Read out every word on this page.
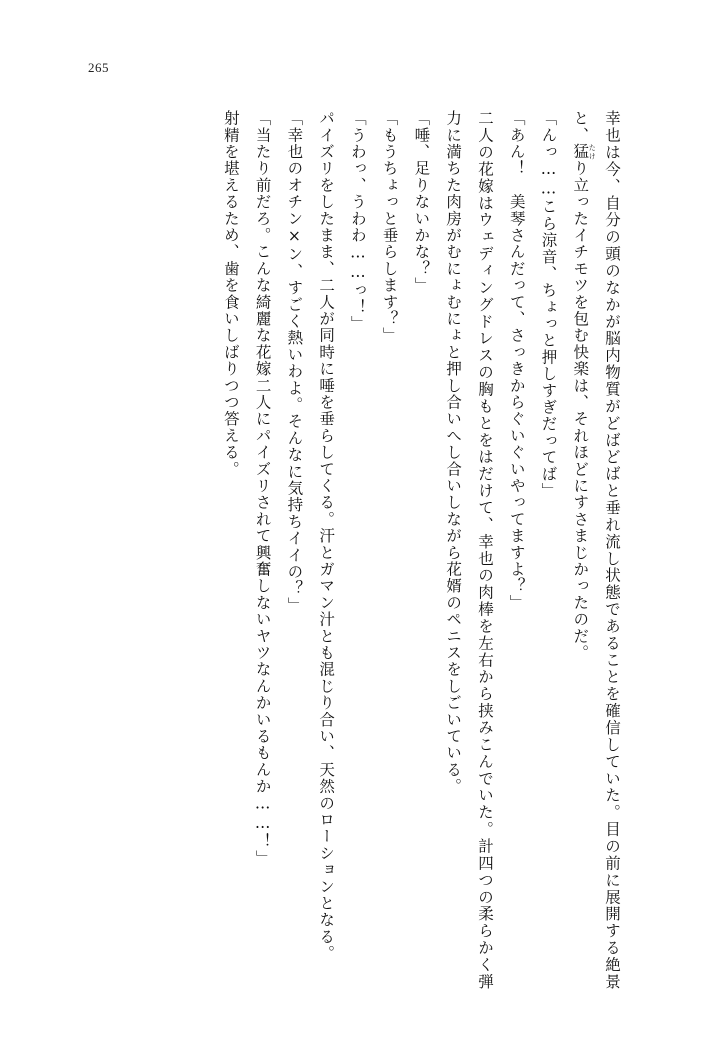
265
幸也は今、自分の頭のなかが脳内物質がどばどばと垂れ流し状態であることを確信していた。目の前に展開する絶景と、猛 たけり立ったイチモツを包む快楽は、それほどにすさまじかったのだ。
「んっ……こら涼音、ちょっと押しすぎだってば」
「あん！　美琴さんだって、さっきからぐいぐいやってますよ？」
二人の花嫁はウェディングドレスの胸もとをはだけて、幸也の肉棒を左右から挟みこんでいた。計四つの柔らかく弾力に満ちた肉房がむにょむにょと押し合いへし合いしながら花婿のペニスをしごいている。
「唾、足りないかな？」
「もうちょっと垂らします？」
「うわっ、うわわ……っ！」
パイズリをしたまま、二人が同時に唾を垂らしてくる。汗とガマン汁とも混じり合い、天然のローションとなる。
「幸也のオチン×ン、すごく熱いわよ。そんなに気持ちイイの？」
「当たり前だろ。こんな綺麗な花嫁二人にパイズリされて興奮しないヤツなんかいるもんか……！」
射精を堪えるため、歯を食いしばりつつ答える。
